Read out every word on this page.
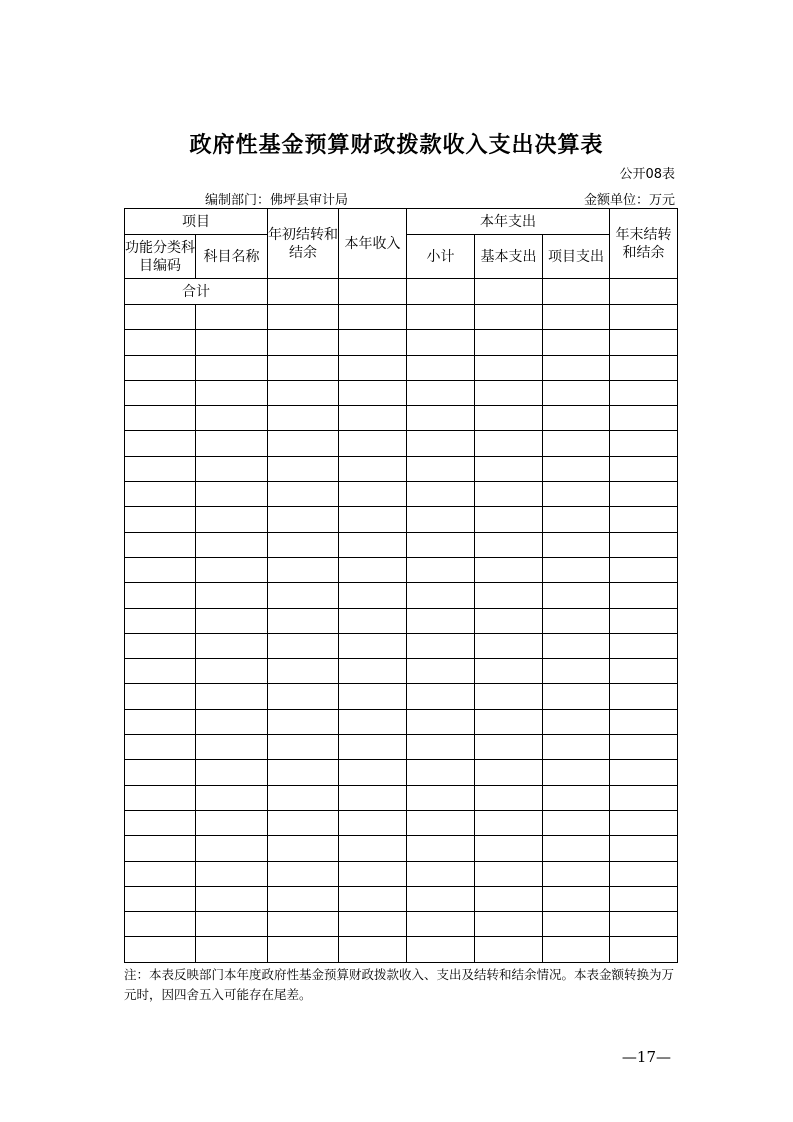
政府性基金预算财政拨款收入支出决算表
公开08表
编制部门：佛坪县审计局	金额单位：万元
项目		年初结转和结余	本年收入	本年支出			年末结转和结余
功能分类科目编码	科目名称			小计	基本支出	项目支出	
合计							

注：本表反映部门本年度政府性基金预算财政拨款收入、支出及结转和结余情况。本表金额转换为万元时，因四舍五入可能存在尾差。
—17—
